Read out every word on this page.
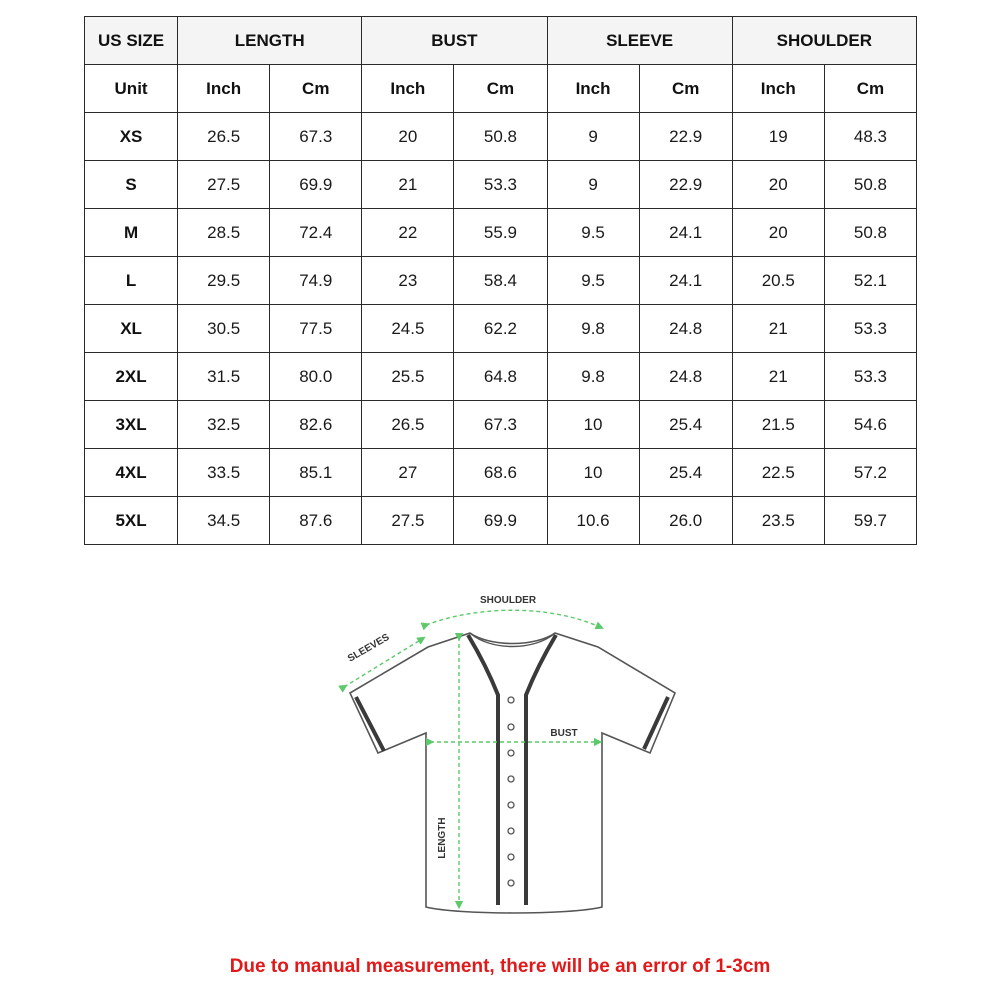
US SIZE	LENGTH		BUST		SLEEVE		SHOULDER	
Unit	Inch	Cm	Inch	Cm	Inch	Cm	Inch	Cm
XS	26.5	67.3	20	50.8	9	22.9	19	48.3
S	27.5	69.9	21	53.3	9	22.9	20	50.8
M	28.5	72.4	22	55.9	9.5	24.1	20	50.8
L	29.5	74.9	23	58.4	9.5	24.1	20.5	52.1
XL	30.5	77.5	24.5	62.2	9.8	24.8	21	53.3
2XL	31.5	80.0	25.5	64.8	9.8	24.8	21	53.3
3XL	32.5	82.6	26.5	67.3	10	25.4	21.5	54.6
4XL	33.5	85.1	27	68.6	10	25.4	22.5	57.2
5XL	34.5	87.6	27.5	69.9	10.6	26.0	23.5	59.7
SHOULDER
SLEEVES
BUST
LENGTH
Due to manual measurement, there will be an error of 1-3cm
